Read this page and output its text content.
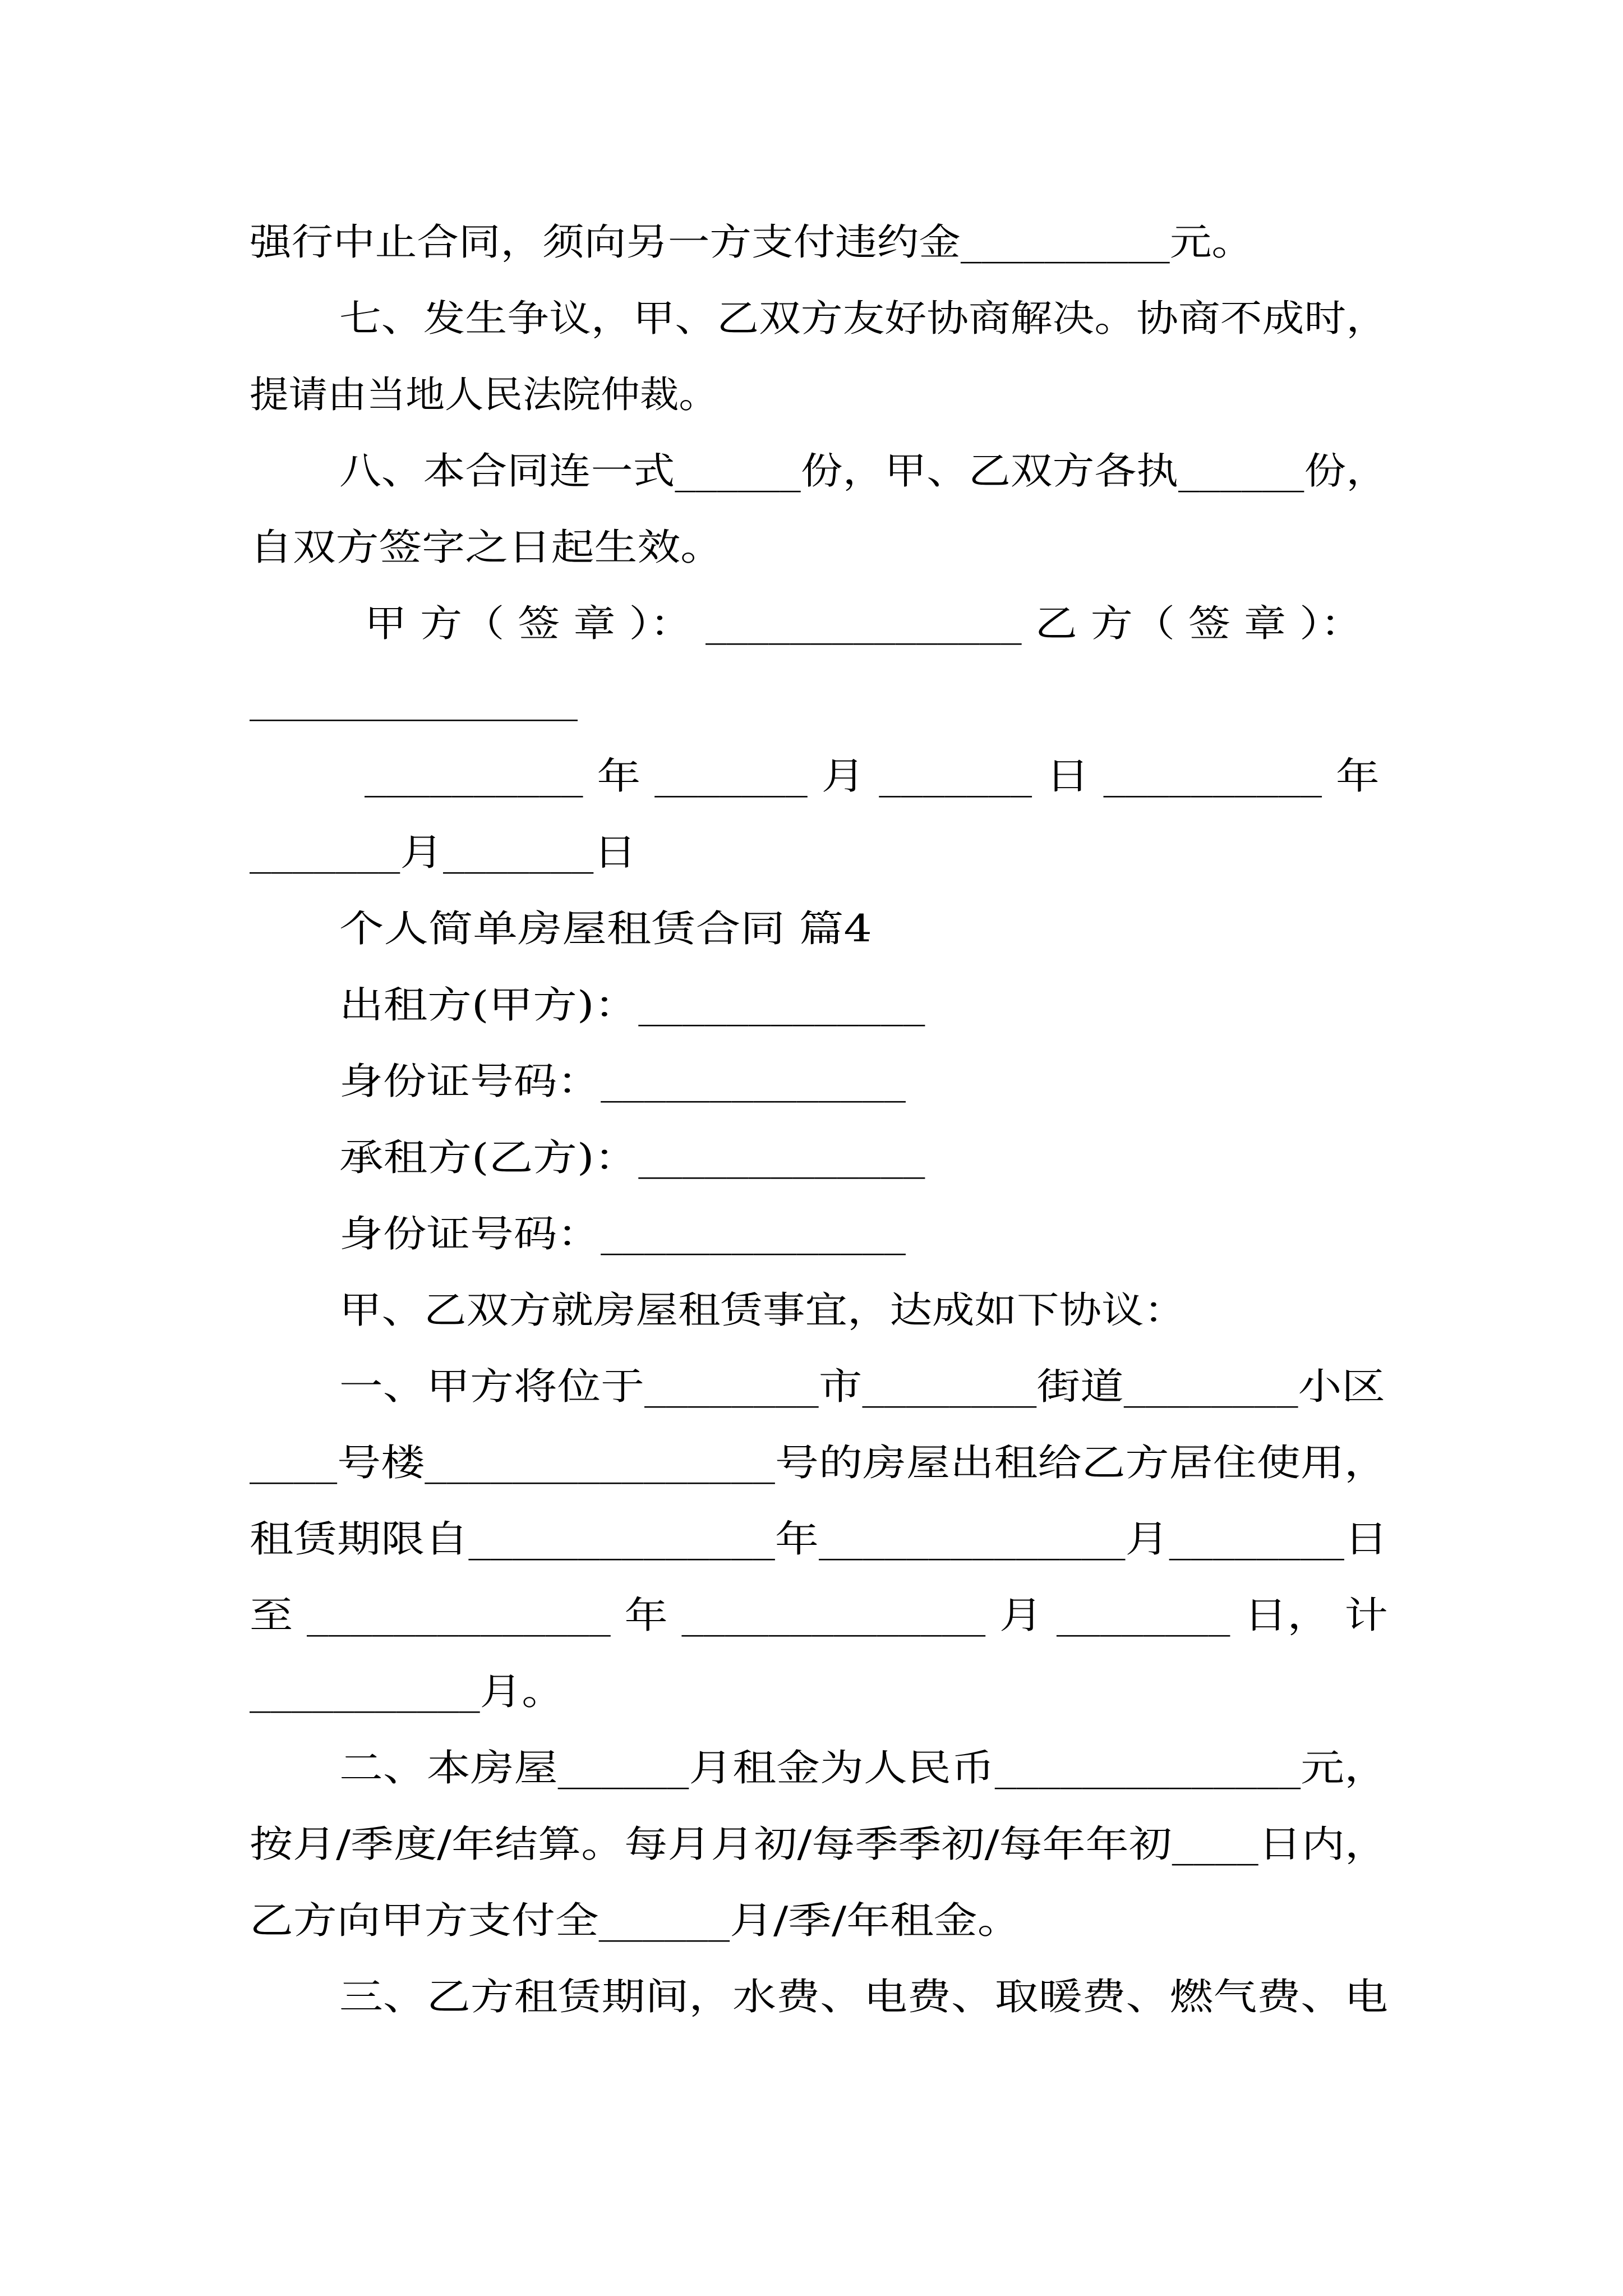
强行中止合同，须向另一方支付违约金__________元。
七、发生争议，甲、乙双方友好协商解决。协商不成时，
提请由当地人民法院仲裁。
八、本合同连一式______份，甲、乙双方各执______份，
自双方签字之日起生效。
甲 方（ 签 章 ）： _______________ 乙 方（ 签 章 ）：
_______________
__________ 年 _______ 月 _______ 日 __________ 年
_______月_______日
个人简单房屋租赁合同 篇4
出租方(甲方)：_____________
身份证号码：______________
承租方(乙方)：_____________
身份证号码：______________
甲、乙双方就房屋租赁事宜，达成如下协议：
一、甲方将位于________市________街道________小区
____号楼________________号的房屋出租给乙方居住使用，
租赁期限自______________年______________月________日
至 ______________ 年 ______________ 月 ________ 日， 计
___________月。
二、本房屋______月租金为人民币______________元，
按月/季度/年结算。每月月初/每季季初/每年年初____日内，
乙方向甲方支付全______月/季/年租金。
三、乙方租赁期间，水费、电费、取暖费、燃气费、电
